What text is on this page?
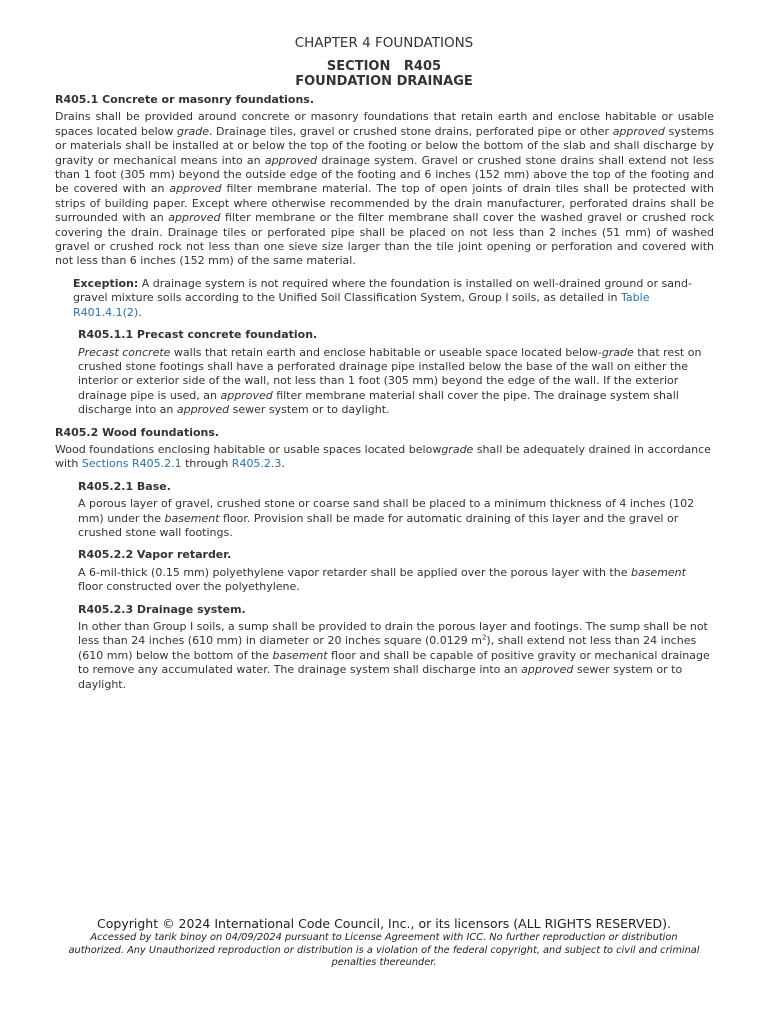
CHAPTER 4 FOUNDATIONS
SECTION   R405
FOUNDATION DRAINAGE
R405.1 Concrete or masonry foundations.
Drains shall be provided around concrete or masonry foundations that retain earth and enclose habitable or usable spaces located below grade. Drainage tiles, gravel or crushed stone drains, perforated pipe or other approved systems or materials shall be installed at or below the top of the footing or below the bottom of the slab and shall discharge by gravity or mechanical means into an approved drainage system. Gravel or crushed stone drains shall extend not less than 1 foot (305 mm) beyond the outside edge of the footing and 6 inches (152 mm) above the top of the footing and be covered with an approved filter membrane material. The top of open joints of drain tiles shall be protected with strips of building paper. Except where otherwise recommended by the drain manufacturer, perforated drains shall be surrounded with an approved filter membrane or the filter membrane shall cover the washed gravel or crushed rock covering the drain. Drainage tiles or perforated pipe shall be placed on not less than 2 inches (51 mm) of washed gravel or crushed rock not less than one sieve size larger than the tile joint opening or perforation and covered with not less than 6 inches (152 mm) of the same material.
Exception: A drainage system is not required where the foundation is installed on well-drained ground or sand-gravel mixture soils according to the Unified Soil Classification System, Group I soils, as detailed in Table R401.4.1(2).
R405.1.1 Precast concrete foundation.
Precast concrete walls that retain earth and enclose habitable or useable space located below-grade that rest on crushed stone footings shall have a perforated drainage pipe installed below the base of the wall on either the interior or exterior side of the wall, not less than 1 foot (305 mm) beyond the edge of the wall. If the exterior drainage pipe is used, an approved filter membrane material shall cover the pipe. The drainage system shall discharge into an approved sewer system or to daylight.
R405.2 Wood foundations.
Wood foundations enclosing habitable or usable spaces located belowgrade shall be adequately drained in accordance with Sections R405.2.1 through R405.2.3.
R405.2.1 Base.
A porous layer of gravel, crushed stone or coarse sand shall be placed to a minimum thickness of 4 inches (102 mm) under the basement floor. Provision shall be made for automatic draining of this layer and the gravel or crushed stone wall footings.
R405.2.2 Vapor retarder.
A 6-mil-thick (0.15 mm) polyethylene vapor retarder shall be applied over the porous layer with the basement floor constructed over the polyethylene.
R405.2.3 Drainage system.
In other than Group I soils, a sump shall be provided to drain the porous layer and footings. The sump shall be not less than 24 inches (610 mm) in diameter or 20 inches square (0.0129 $m^2$), shall extend not less than 24 inches (610 mm) below the bottom of the basement floor and shall be capable of positive gravity or mechanical drainage to remove any accumulated water. The drainage system shall discharge into an approved sewer system or to daylight.
Copyright © 2024 International Code Council, Inc., or its licensors (ALL RIGHTS RESERVED).
Accessed by tarik binoy on 04/09/2024 pursuant to License Agreement with ICC. No further reproduction or distribution authorized. Any Unauthorized reproduction or distribution is a violation of the federal copyright, and subject to civil and criminal penalties thereunder.
